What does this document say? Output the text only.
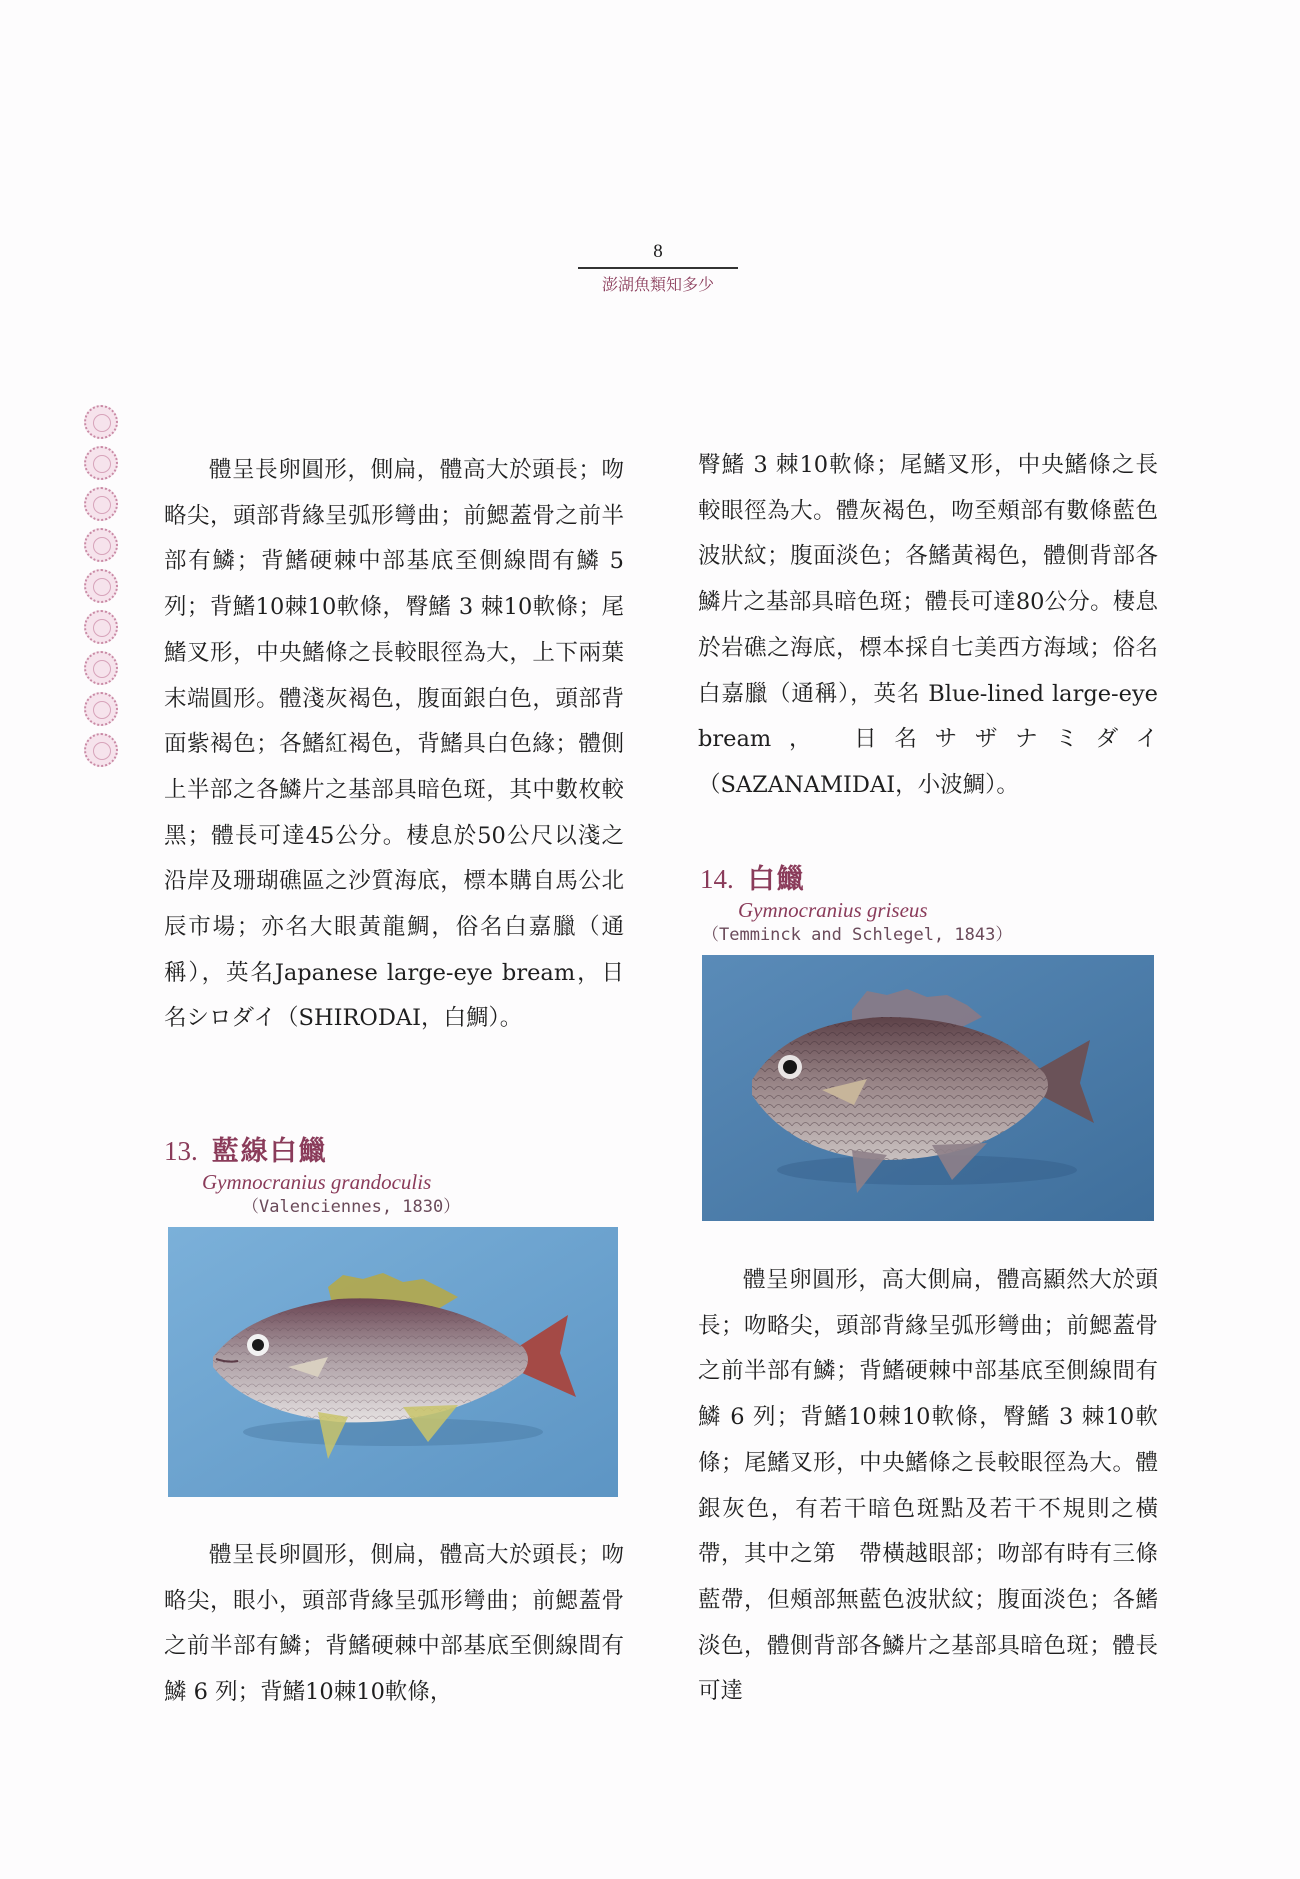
8
澎湖魚類知多少

體呈長卵圓形，側扁，體高大於頭長；吻略尖，頭部背緣呈弧形彎曲；前鰓蓋骨之前半部有鱗；背鰭硬棘中部基底至側線間有鱗 5 列；背鰭10棘10軟條，臀鰭 3 棘10軟條；尾鰭叉形，中央鰭條之長較眼徑為大，上下兩葉末端圓形。體淺灰褐色，腹面銀白色，頭部背面紫褐色；各鰭紅褐色，背鰭具白色緣；體側上半部之各鱗片之基部具暗色斑，其中數枚較黑；體長可達45公分。棲息於50公尺以淺之沿岸及珊瑚礁區之沙質海底，標本購自馬公北辰市場；亦名大眼黃龍鯛，俗名白嘉臘（通稱），英名Japanese large-eye bream，日名シロダイ（SHIRODAI，白鯛）。

13. 藍線白鱲
Gymnocranius grandoculis
（Valenciennes, 1830）

體呈長卵圓形，側扁，體高大於頭長；吻略尖，眼小，頭部背緣呈弧形彎曲；前鰓蓋骨之前半部有鱗；背鰭硬棘中部基底至側線間有鱗 6 列；背鰭10棘10軟條，

臀鰭 3 棘10軟條；尾鰭叉形，中央鰭條之長較眼徑為大。體灰褐色，吻至頰部有數條藍色波狀紋；腹面淡色；各鰭黃褐色，體側背部各鱗片之基部具暗色斑；體長可達80公分。棲息於岩礁之海底，標本採自七美西方海域；俗名白嘉臘（通稱），英名 Blue-lined large-eye bream， 日名サザナミダイ（SAZANAMIDAI，小波鯛）。

14. 白鱲
Gymnocranius griseus
（Temminck and Schlegel, 1843）

體呈卵圓形，高大側扁，體高顯然大於頭長；吻略尖，頭部背緣呈弧形彎曲；前鰓蓋骨之前半部有鱗；背鰭硬棘中部基底至側線間有鱗 6 列；背鰭10棘10軟條，臀鰭 3 棘10軟條；尾鰭叉形，中央鰭條之長較眼徑為大。體銀灰色，有若干暗色斑點及若干不規則之橫帶，其中之第　帶橫越眼部；吻部有時有三條藍帶，但頰部無藍色波狀紋；腹面淡色；各鰭淡色，體側背部各鱗片之基部具暗色斑；體長可達
